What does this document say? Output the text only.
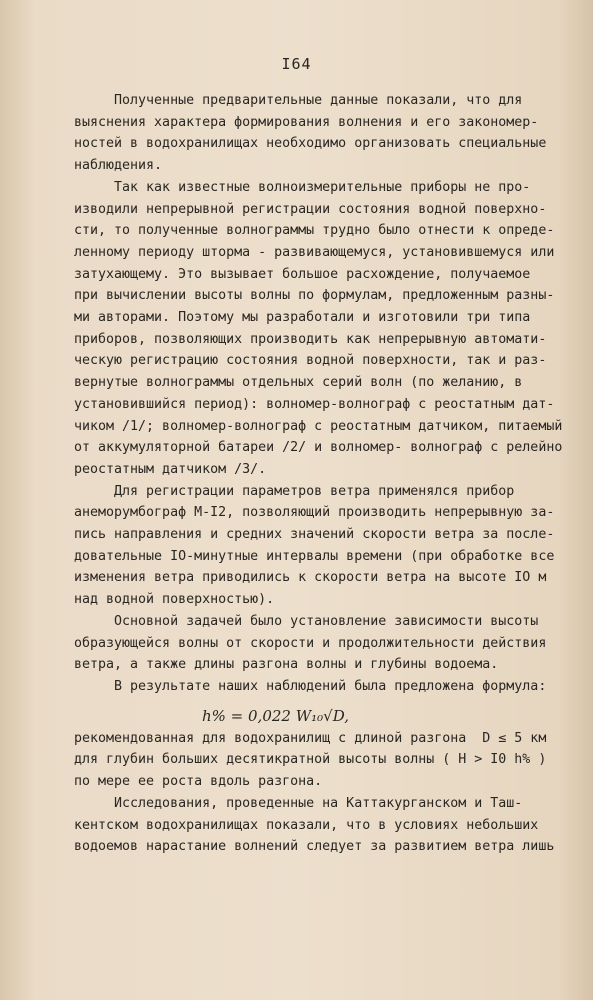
I64
Полученные предварительные данные показали, что для
выяснения характера формирования волнения и его закономер-
ностей в водохранилищах необходимо организовать специальные
наблюдения.
Так как известные волноизмерительные приборы не про-
изводили непрерывной регистрации состояния водной поверхно-
сти, то полученные волнограммы трудно было отнести к опреде-
ленному периоду шторма - развивающемуся, установившемуся или
затухающему. Это вызывает большое расхождение, получаемое
при вычислении высоты волны по формулам, предложенным разны-
ми авторами. Поэтому мы разработали и изготовили три типа
приборов, позволяющих производить как непрерывную автомати-
ческую регистрацию состояния водной поверхности, так и раз-
вернутые волнограммы отдельных серий волн (по желанию, в
установившийся период): волномер-волнограф с реостатным дат-
чиком /1/; волномер-волнограф с реостатным датчиком, питаемый
от аккумуляторной батареи /2/ и волномер- волнограф с релейно
реостатным датчиком /3/.
Для регистрации параметров ветра применялся прибор
анеморумбограф М-I2, позволяющий производить непрерывную за-
пись направления и средних значений скорости ветра за после-
довательные IO-минутные интервалы времени (при обработке все
изменения ветра приводились к скорости ветра на высоте IO м
над водной поверхностью).
Основной задачей было установление зависимости высоты
образующейся волны от скорости и продолжительности действия
ветра, а также длины разгона волны и глубины водоема.
В результате наших наблюдений была предложена формула:
h% = 0,022 W₁₀√D,
рекомендованная для водохранилищ с длиной разгона  D ≤ 5 км
для глубин больших десятикратной высоты волны ( H > I0 h% )
по мере ее роста вдоль разгона.
Исследования, проведенные на Каттакурганском и Таш-
кентском водохранилищах показали, что в условиях небольших
водоемов нарастание волнений следует за развитием ветра лишь
